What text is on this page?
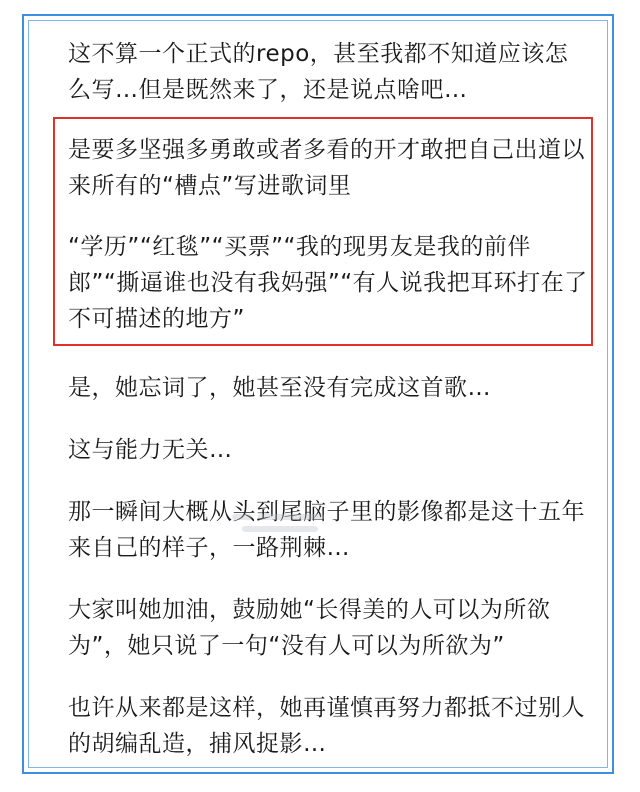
这不算一个正式的repo，甚至我都不知道应该怎么写…但是既然来了，还是说点啥吧…

是要多坚强多勇敢或者多看的开才敢把自己出道以来所有的“槽点”写进歌词里

“学历”“红毯”“买票”“我的现男友是我的前伴郎”“撕逼谁也没有我妈强”“有人说我把耳环打在了不可描述的地方”

是，她忘词了，她甚至没有完成这首歌…

这与能力无关…

那一瞬间大概从头到尾脑子里的影像都是这十五年来自己的样子，一路荆棘…

大家叫她加油，鼓励她“长得美的人可以为所欲为”，她只说了一句“没有人可以为所欲为”

也许从来都是这样，她再谨慎再努力都抵不过别人的胡编乱造，捕风捉影…
